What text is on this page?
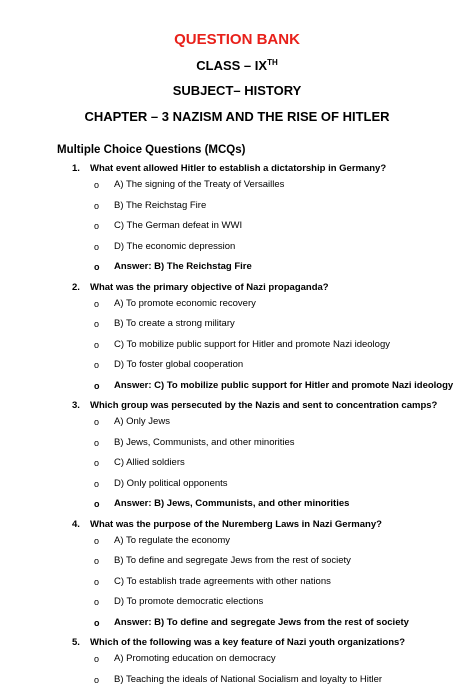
QUESTION BANK
CLASS – IXTH
SUBJECT– HISTORY
CHAPTER – 3 NAZISM AND THE RISE OF HITLER
Multiple Choice Questions (MCQs)
1. What event allowed Hitler to establish a dictatorship in Germany?
o A) The signing of the Treaty of Versailles
o B) The Reichstag Fire
o C) The German defeat in WWI
o D) The economic depression
o Answer: B) The Reichstag Fire
2. What was the primary objective of Nazi propaganda?
o A) To promote economic recovery
o B) To create a strong military
o C) To mobilize public support for Hitler and promote Nazi ideology
o D) To foster global cooperation
o Answer: C) To mobilize public support for Hitler and promote Nazi ideology
3. Which group was persecuted by the Nazis and sent to concentration camps?
o A) Only Jews
o B) Jews, Communists, and other minorities
o C) Allied soldiers
o D) Only political opponents
o Answer: B) Jews, Communists, and other minorities
4. What was the purpose of the Nuremberg Laws in Nazi Germany?
o A) To regulate the economy
o B) To define and segregate Jews from the rest of society
o C) To establish trade agreements with other nations
o D) To promote democratic elections
o Answer: B) To define and segregate Jews from the rest of society
5. Which of the following was a key feature of Nazi youth organizations?
o A) Promoting education on democracy
o B) Teaching the ideals of National Socialism and loyalty to Hitler
